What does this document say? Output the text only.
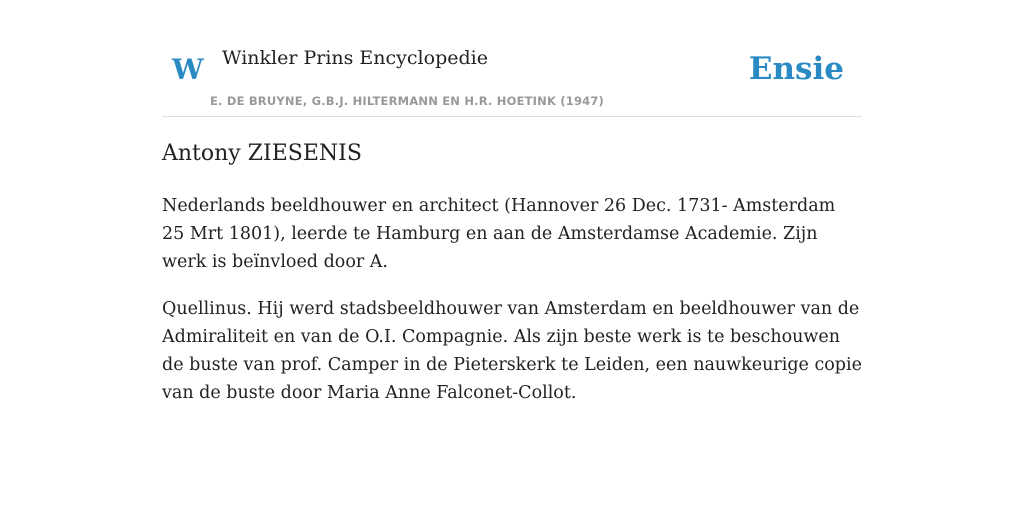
W Winkler Prins Encyclopedie
E. DE BRUYNE, G.B.J. HILTERMANN EN H.R. HOETINK (1947)
Ensie
Antony ZIESENIS

Nederlands beeldhouwer en architect (Hannover 26 Dec. 1731- Amsterdam 25 Mrt 1801), leerde te Hamburg en aan de Amsterdamse Academie. Zijn werk is beïnvloed door A.

Quellinus. Hij werd stadsbeeldhouwer van Amsterdam en beeldhouwer van de Admiraliteit en van de O.I. Compagnie. Als zijn beste werk is te beschouwen de buste van prof. Camper in de Pieterskerk te Leiden, een nauwkeurige copie van de buste door Maria Anne Falconet-Collot.
